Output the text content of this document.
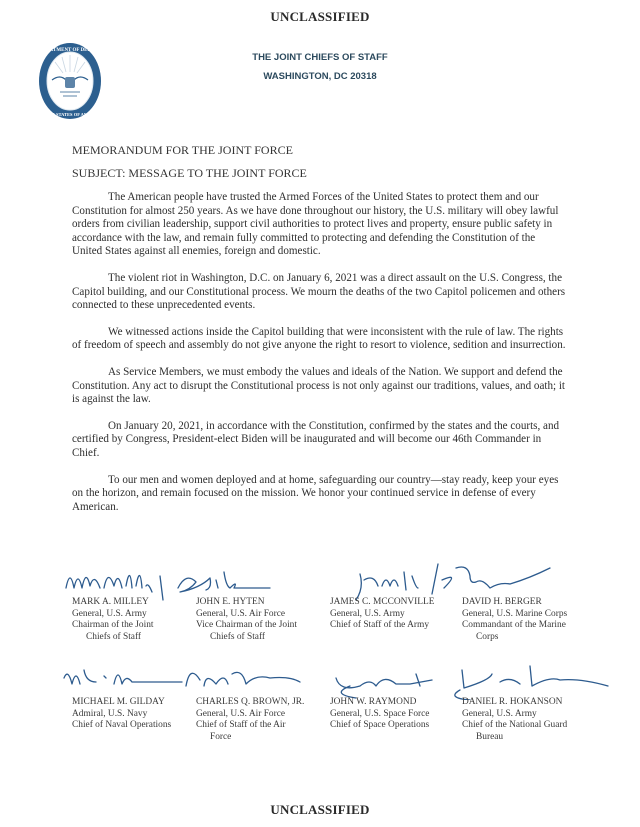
UNCLASSIFIED
DEPARTMENT OF DEFENSE
UNITED STATES OF AMERICA
THE JOINT CHIEFS OF STAFF
WASHINGTON, DC 20318
MEMORANDUM FOR THE JOINT FORCE
SUBJECT: MESSAGE TO THE JOINT FORCE

The American people have trusted the Armed Forces of the United States to protect them and our Constitution for almost 250 years. As we have done throughout our history, the U.S. military will obey lawful orders from civilian leadership, support civil authorities to protect lives and property, ensure public safety in accordance with the law, and remain fully committed to protecting and defending the Constitution of the United States against all enemies, foreign and domestic.

The violent riot in Washington, D.C. on January 6, 2021 was a direct assault on the U.S. Congress, the Capitol building, and our Constitutional process. We mourn the deaths of the two Capitol policemen and others connected to these unprecedented events.

We witnessed actions inside the Capitol building that were inconsistent with the rule of law. The rights of freedom of speech and assembly do not give anyone the right to resort to violence, sedition and insurrection.

As Service Members, we must embody the values and ideals of the Nation. We support and defend the Constitution. Any act to disrupt the Constitutional process is not only against our traditions, values, and oath; it is against the law.

On January 20, 2021, in accordance with the Constitution, confirmed by the states and the courts, and certified by Congress, President-elect Biden will be inaugurated and will become our 46th Commander in Chief.

To our men and women deployed and at home, safeguarding our country—stay ready, keep your eyes on the horizon, and remain focused on the mission. We honor your continued service in defense of every American.

MARK A. MILLEY
General, U.S. Army
Chairman of the Joint
Chiefs of Staff
JOHN E. HYTEN
General, U.S. Air Force
Vice Chairman of the Joint
Chiefs of Staff
JAMES C. MCCONVILLE
General, U.S. Army
Chief of Staff of the Army
DAVID H. BERGER
General, U.S. Marine Corps
Commandant of the Marine
Corps
MICHAEL M. GILDAY
Admiral, U.S. Navy
Chief of Naval Operations
CHARLES Q. BROWN, JR.
General, U.S. Air Force
Chief of Staff of the Air
Force
JOHN W. RAYMOND
General, U.S. Space Force
Chief of Space Operations
DANIEL R. HOKANSON
General, U.S. Army
Chief of the National Guard
Bureau
UNCLASSIFIED
